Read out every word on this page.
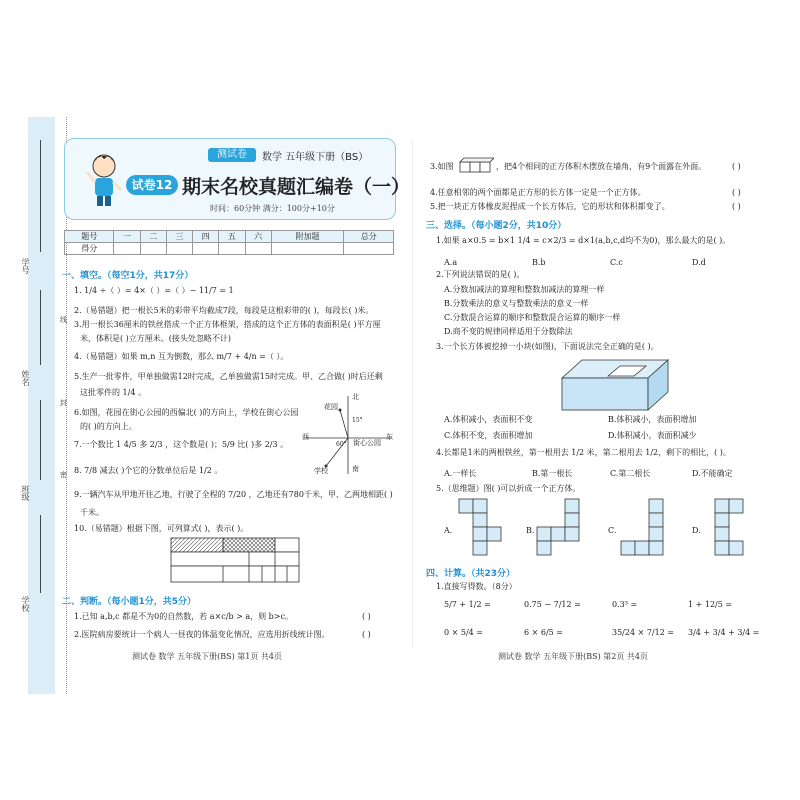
学号
姓名
班级
学校
线
封
密
测试卷	数学 五年级下册（BS）
试卷12 期末名校真题汇编卷（一）
时间：60分钟 满分：100分+10分
题号	一	二	三	四	五	六	附加题	总分
得分								
一、填空。（每空1分，共17分）
1. 1/4 ÷（ ）= 4×（ ）=（ ）− 11/7 = 1
2.（易错题）把一根长5米的彩带平均截成7段，每段是这根彩带的( )，每段长( )米。
3.用一根长36厘米的铁丝搭成一个正方体框架，搭成的这个正方体的表面积是( )平方厘
米，体积是( )立方厘米。(接头处忽略不计)
4.（易错题）如果 m,n 互为倒数，那么 m/7 + 4/n =（ ）。
5.生产一批零件，甲单独做需12时完成，乙单独做需15时完成。甲、乙合做( )时后还剩
这批零件的 1/4 。
6.如图，花园在街心公园的西偏北( )的方向上，学校在街心公园
的( )的方向上。
7.一个数比 1 4/5 多 2/3 ，这个数是( )；5/9 比( )多 2/3 。
8. 7/8 减去( )个它的分数单位后是 1/2 。
9.一辆汽车从甲地开往乙地，行驶了全程的 7/20 ，乙地还有780千米，甲、乙两地相距( )
千米。
10.（易错题）根据下图，可列算式( )，表示( )。
北
南
东
西
花园
街心公园
学校
15°
60°
二、判断。（每小题1分，共5分）
1.已知 a,b,c 都是不为0的自然数，若 a×c/b > a，则 b>c。	( )
2.医院病房要统计一个病人一昼夜的体温变化情况，应选用折线统计图。	( )
测试卷 数学 五年级下册(BS) 第1页 共4页
3.如图	，把4个相同的正方体积木摆放在墙角，有9个面露在外面。	( )
4.任意相邻的两个面都是正方形的长方体一定是一个正方体。	( )
5.把一块正方体橡皮泥捏成一个长方体后，它的形状和体积都变了。	( )
三、选择。（每小题2分，共10分）
1.如果 a×0.5 = b×1 1/4 = c×2/3 = d×1(a,b,c,d均不为0)，那么最大的是( )。
A.a	B.b	C.c	D.d
2.下列说法错误的是( )。
A.分数加减法的算理和整数加减法的算理一样
B.分数乘法的意义与整数乘法的意义一样
C.分数混合运算的顺序和整数混合运算的顺序一样
D.商不变的规律同样适用于分数除法
3.一个长方体被挖掉一小块(如图)，下面说法完全正确的是( )。
A.体积减小，表面积不变	B.体积减小，表面积增加
C.体积不变，表面积增加	D.体积减小，表面积减少
4.长都是1米的两根铁丝，第一根用去 1/2 米，第二根用去 1/2，剩下的相比，( )。
A.一样长	B.第一根长	C.第二根长	D.不能确定
5.（思维题）图( )可以折成一个正方体。
A.	B.	C.	D.
四、计算。（共23分）
1.直接写得数。（8分）
5/7 + 1/2 =	0.75 − 7/12 =	0.3³ =	1 + 12/5 =
0 × 5/4 =	6 × 6/5 =	35/24 × 7/12 = 3/4 + 3/4 + 3/4 =
测试卷 数学 五年级下册(BS) 第2页 共4页
